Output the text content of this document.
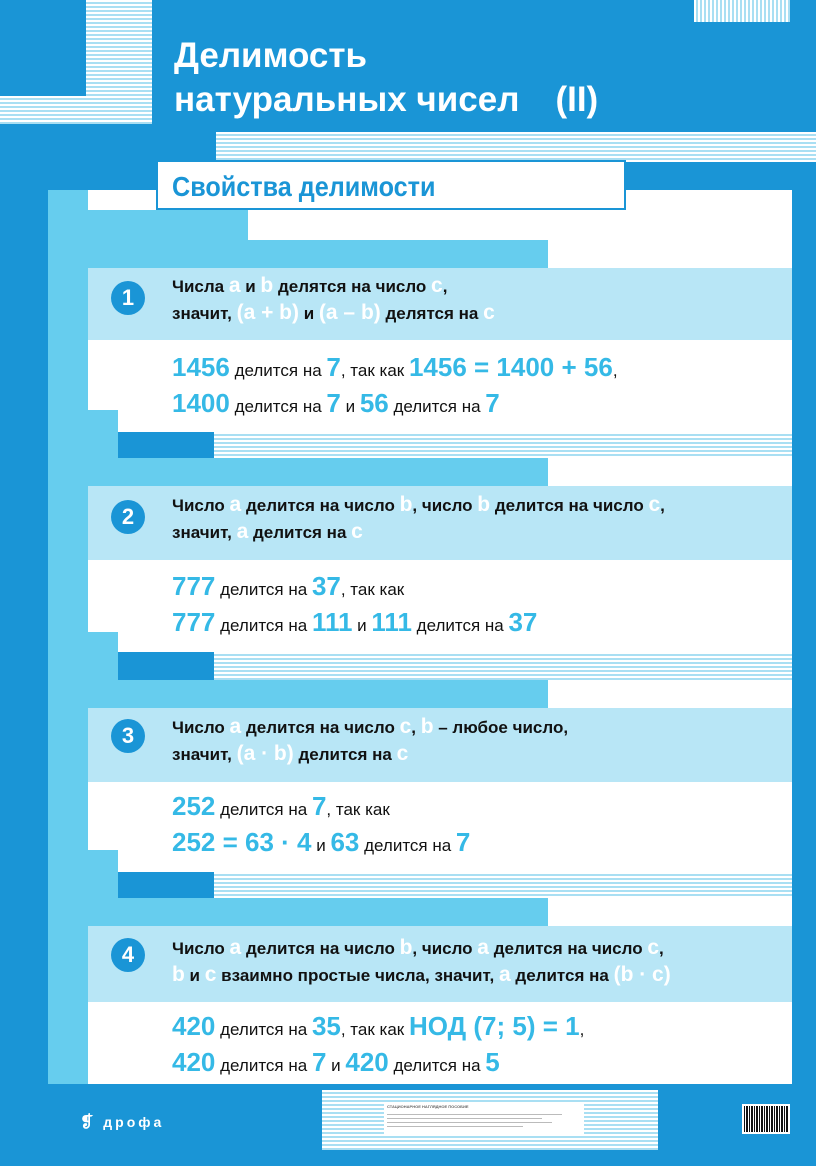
Делимость
натуральных чисел (II)
Свойства делимости
1	Числа a и b делятся на число c,
значит, (a + b) и (a – b) делятся на c
1456 делится на 7, так как 1456 = 1400 + 56,
1400 делится на 7 и 56 делится на 7
2	Число a делится на число b, число b делится на число c,
значит, a делится на c
777 делится на 37, так как
777 делится на 111 и 111 делится на 37
3	Число a делится на число c, b – любое число,
значит, (a · b) делится на c
252 делится на 7, так как
252 = 63 · 4 и 63 делится на 7
4	Число a делится на число b, число a делится на число c,
b и c взаимно простые числа, значит, a делится на (b · c)
420 делится на 35, так как НОД (7; 5) = 1,
420 делится на 7 и 420 делится на 5
❡ дрофа
СТАЦИОНАРНОЕ НАГЛЯДНОЕ ПОСОБИЕ
